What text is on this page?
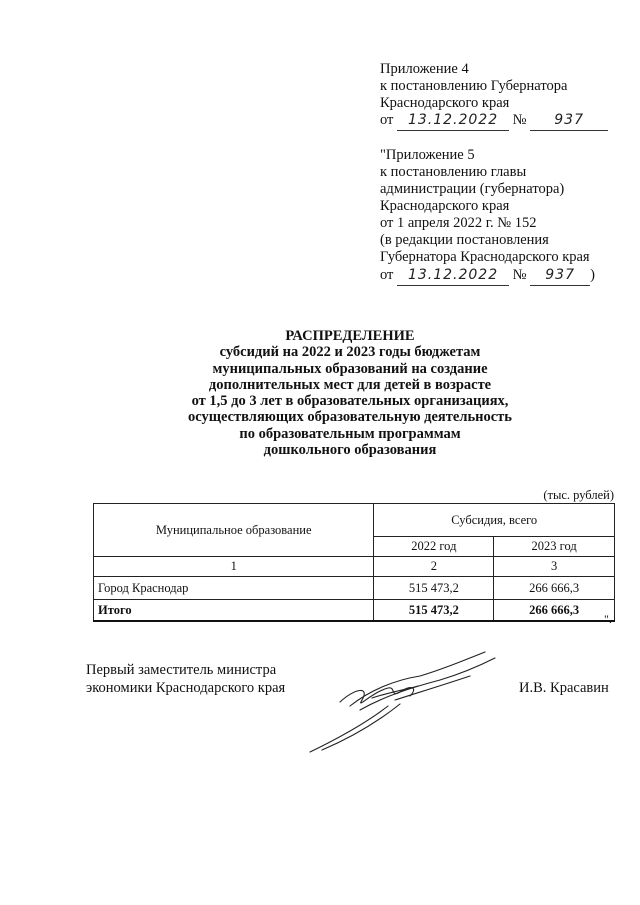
Приложение 4
к постановлению Губернатора
Краснодарского края
от 13.12.2022 № 937
"Приложение 5
к постановлению главы
администрации (губернатора)
Краснодарского края
от 1 апреля 2022 г. № 152
(в редакции постановления
Губернатора Краснодарского края
от 13.12.2022 № 937 )
РАСПРЕДЕЛЕНИЕ
субсидий на 2022 и 2023 годы бюджетам
муниципальных образований на создание
дополнительных мест для детей в возрасте
от 1,5 до 3 лет в образовательных организациях,
осуществляющих образовательную деятельность
по образовательным программам
дошкольного образования
(тыс. рублей)
Муниципальное образование	Субсидия, всего	
	2022 год	2023 год
1	2	3
Город Краснодар	515 473,2	266 666,3
Итого	515 473,2	266 666,3
".
Первый заместитель министра
экономики Краснодарского края	И.В. Красавин
